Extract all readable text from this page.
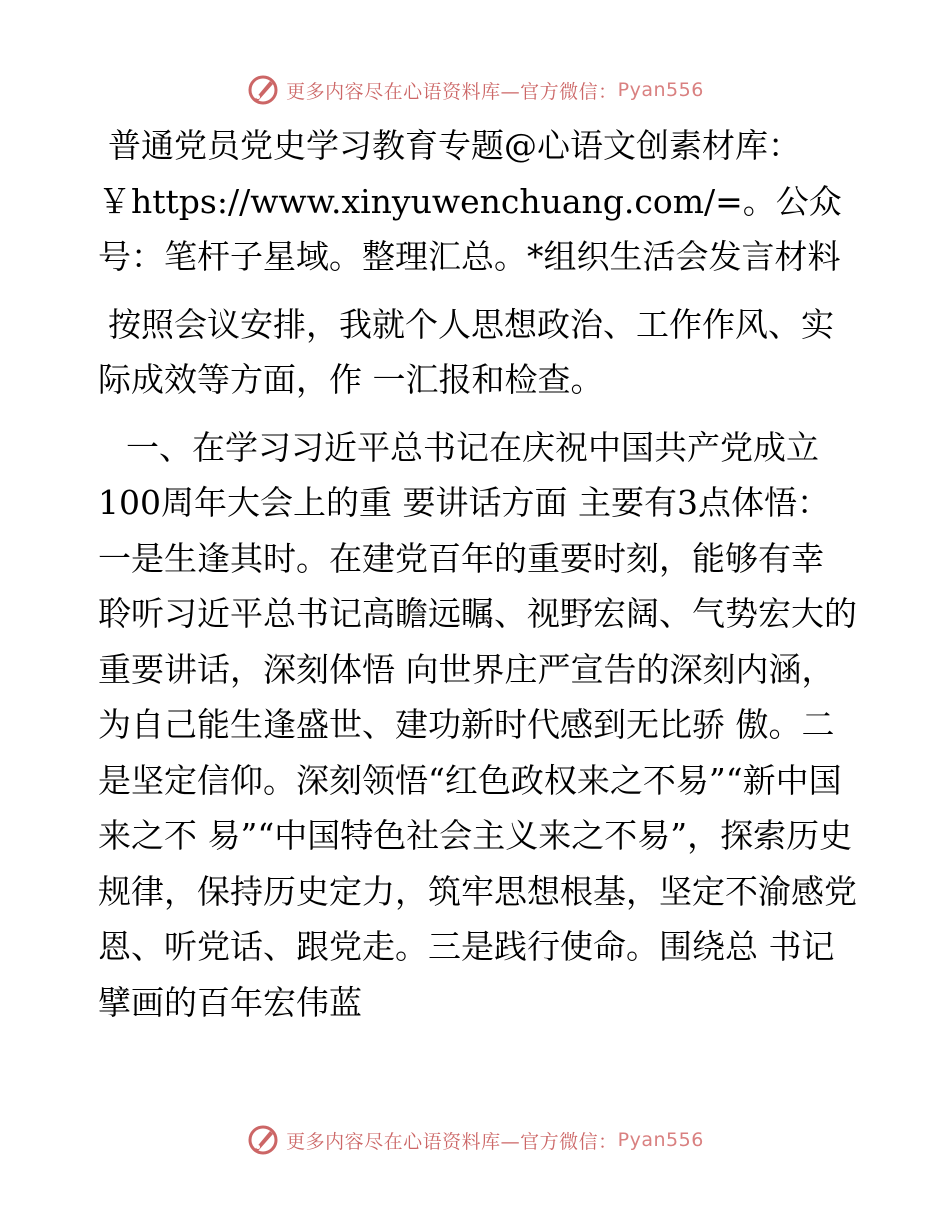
更多内容尽在心语资料库—官方微信： Pyan556

普通党员党史学习教育专题@心语文创素材库：￥https://www.xinyuwenchuang.com/=。公众号：笔杆子星域。整理汇总。*组织生活会发言材料

按照会议安排，我就个人思想政治、工作作风、实际成效等方面，作 一汇报和检查。

一、在学习习近平总书记在庆祝中国共产党成立100周年大会上的重 要讲话方面 主要有3点体悟：一是生逢其时。在建党百年的重要时刻，能够有幸 聆听习近平总书记高瞻远瞩、视野宏阔、气势宏大的重要讲话，深刻体悟 向世界庄严宣告的深刻内涵，为自己能生逢盛世、建功新时代感到无比骄 傲。二是坚定信仰。深刻领悟“红色政权来之不易”“新中国来之不 易”“中国特色社会主义来之不易”，探索历史规律，保持历史定力，筑牢思想根基，坚定不渝感党恩、听党话、跟党走。三是践行使命。围绕总 书记擘画的百年宏伟蓝

更多内容尽在心语资料库—官方微信： Pyan556
